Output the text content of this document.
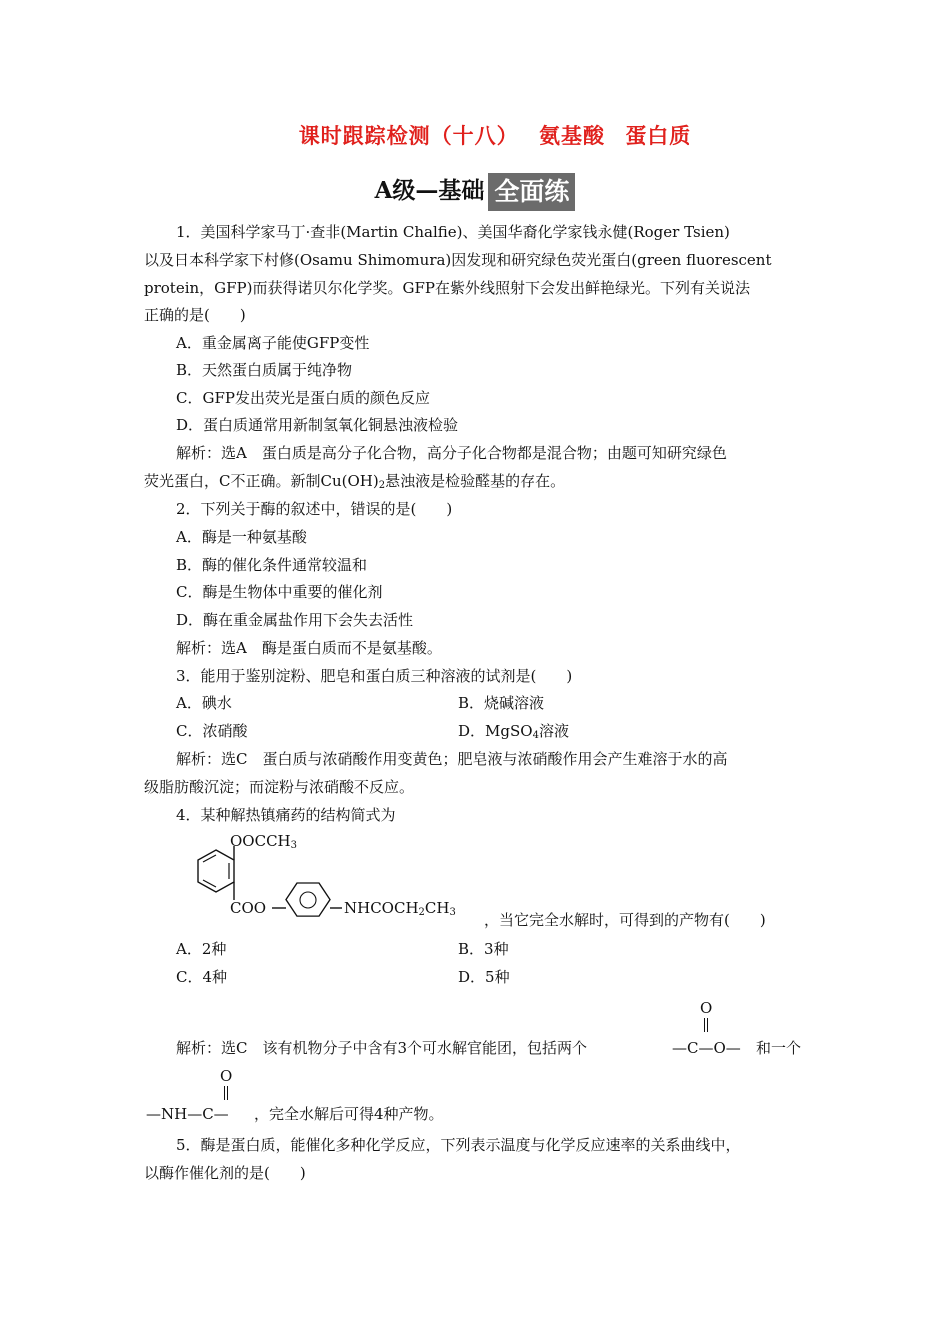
课时跟踪检测（十八） 氨基酸 蛋白质
A级—基础 全面练
1．美国科学家马丁·查非(Martin Chalfie)、美国华裔化学家钱永健(Roger Tsien)
以及日本科学家下村修(Osamu Shimomura)因发现和研究绿色荧光蛋白(green fluorescent
protein，GFP)而获得诺贝尔化学奖。GFP在紫外线照射下会发出鲜艳绿光。下列有关说法
正确的是(　　)
A．重金属离子能使GFP变性
B．天然蛋白质属于纯净物
C．GFP发出荧光是蛋白质的颜色反应
D．蛋白质通常用新制氢氧化铜悬浊液检验
解析：选A　蛋白质是高分子化合物，高分子化合物都是混合物；由题可知研究绿色
荧光蛋白，C不正确。新制$Cu(OH)_2$悬浊液是检验醛基的存在。
2．下列关于酶的叙述中，错误的是(　　)
A．酶是一种氨基酸
B．酶的催化条件通常较温和
C．酶是生物体中重要的催化剂
D．酶在重金属盐作用下会失去活性
解析：选A　酶是蛋白质而不是氨基酸。
3．能用于鉴别淀粉、肥皂和蛋白质三种溶液的试剂是(　　)
A．碘水	B．烧碱溶液
C．浓硝酸	D．MgSO$_4$溶液
解析：选C　蛋白质与浓硝酸作用变黄色；肥皂液与浓硝酸作用会产生难溶于水的高
级脂肪酸沉淀；而淀粉与浓硝酸不反应。
4．某种解热镇痛药的结构简式为
$OOCCH_3$
COO	$NHCOCH_2CH_3$ ，当它完全水解时，可得到的产物有(　　)
A．2种	B．3种
C．4种	D．5种
解析：选C　该有机物分子中含有3个可水解官能团，包括两个
O
—C—O— 和一个
O
—NH—C— ，完全水解后可得4种产物。
5．酶是蛋白质，能催化多种化学反应，下列表示温度与化学反应速率的关系曲线中，
以酶作催化剂的是(　　)
